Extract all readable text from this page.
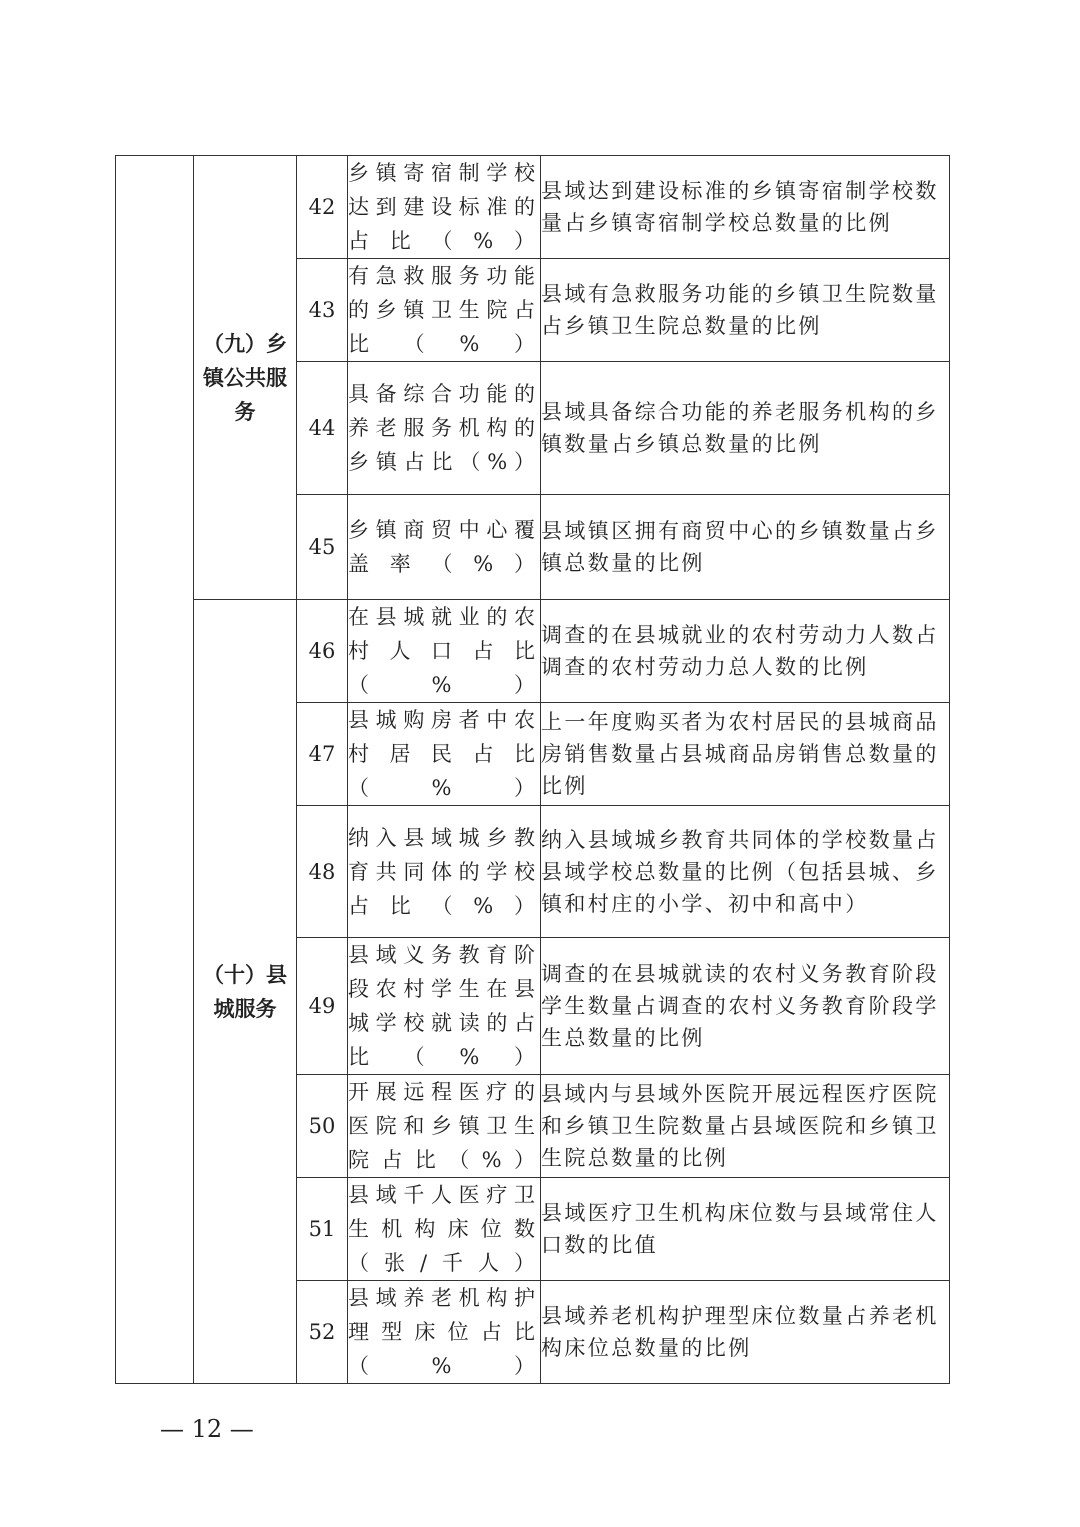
	（九）乡镇公共服务	42	乡镇寄宿制学校达到建设标准的占比（%）	县域达到建设标准的乡镇寄宿制学校数量占乡镇寄宿制学校总数量的比例
		43	有急救服务功能的乡镇卫生院占比（%）	县域有急救服务功能的乡镇卫生院数量占乡镇卫生院总数量的比例
		44	具备综合功能的养老服务机构的乡镇占比（%）	县域具备综合功能的养老服务机构的乡镇数量占乡镇总数量的比例
		45	乡镇商贸中心覆盖率（%）	县域镇区拥有商贸中心的乡镇数量占乡镇总数量的比例
	（十）县城服务	46	在县城就业的农村人口占比（%）	调查的在县城就业的农村劳动力人数占调查的农村劳动力总人数的比例
		47	县城购房者中农村居民占比（%）	上一年度购买者为农村居民的县城商品房销售数量占县城商品房销售总数量的比例
		48	纳入县域城乡教育共同体的学校占比（%）	纳入县域城乡教育共同体的学校数量占县域学校总数量的比例（包括县城、乡镇和村庄的小学、初中和高中）
		49	县域义务教育阶段农村学生在县城学校就读的占比（%）	调查的在县城就读的农村义务教育阶段学生数量占调查的农村义务教育阶段学生总数量的比例
		50	开展远程医疗的医院和乡镇卫生院占比（%）	县域内与县域外医院开展远程医疗医院和乡镇卫生院数量占县域医院和乡镇卫生院总数量的比例
		51	县域千人医疗卫生机构床位数（张/千人）	县域医疗卫生机构床位数与县域常住人口数的比值
		52	县域养老机构护理型床位占比（%）	县域养老机构护理型床位数量占养老机构床位总数量的比例
— 12 —
